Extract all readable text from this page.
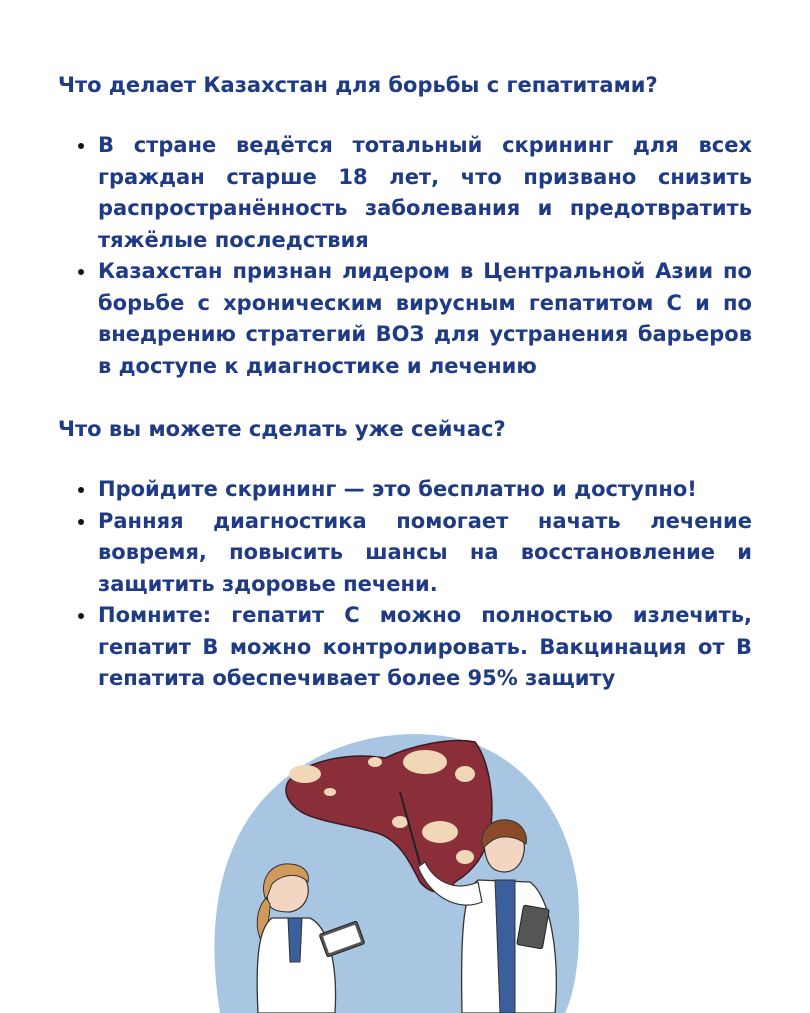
Что делает Казахстан для борьбы с гепатитами?
В стране ведётся тотальный скрининг для всех граждан старше 18 лет, что призвано снизить распространённость заболевания и предотвратить тяжёлые последствия
Казахстан признан лидером в Центральной Азии по борьбе с хроническим вирусным гепатитом С и по внедрению стратегий ВОЗ для устранения барьеров в доступе к диагностике и лечению
Что вы можете сделать уже сейчас?
Пройдите скрининг — это бесплатно и доступно!
Ранняя диагностика помогает начать лечение вовремя, повысить шансы на восстановление и защитить здоровье печени.
Помните: гепатит С можно полностью излечить, гепатит В можно контролировать. Вакцинация от В гепатита обеспечивает более 95% защиту
